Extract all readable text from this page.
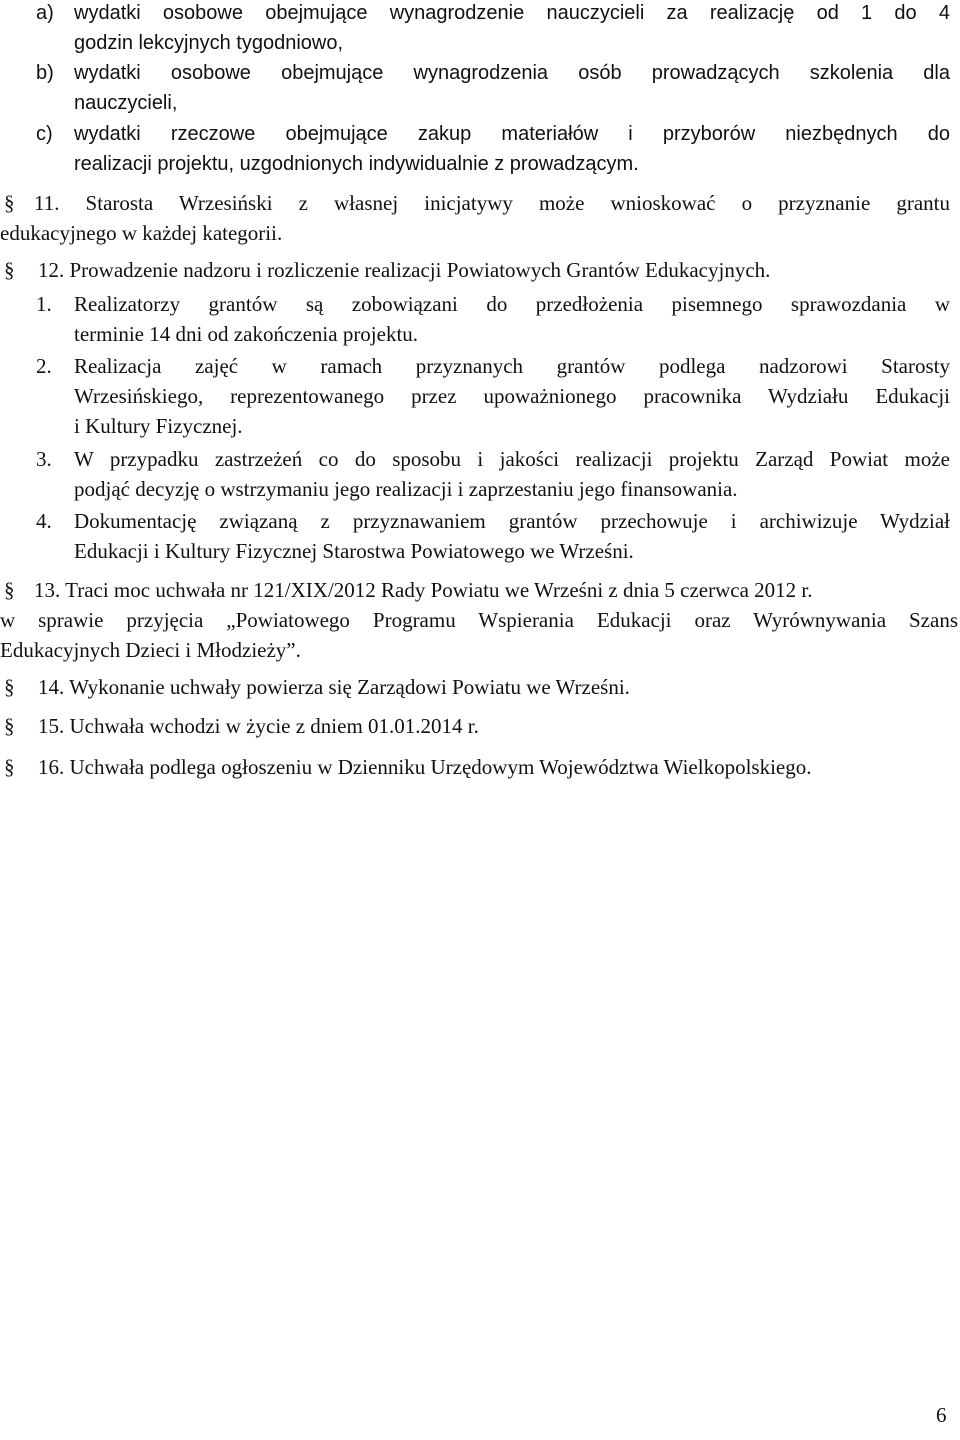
a) wydatki osobowe obejmujące wynagrodzenie nauczycieli za realizację od 1 do 4
godzin lekcyjnych tygodniowo,
b) wydatki osobowe obejmujące wynagrodzenia osób prowadzących szkolenia dla
nauczycieli,
c) wydatki rzeczowe obejmujące zakup materiałów i przyborów niezbędnych do
realizacji projektu, uzgodnionych indywidualnie z prowadzącym.
§ 11. Starosta Wrzesiński z własnej inicjatywy może wnioskować o przyznanie grantu
edukacyjnego w każdej kategorii.
§ 12. Prowadzenie nadzoru i rozliczenie realizacji Powiatowych Grantów Edukacyjnych.
1. Realizatorzy grantów są zobowiązani do przedłożenia pisemnego sprawozdania w
terminie 14 dni od zakończenia projektu.
2. Realizacja zajęć w ramach przyznanych grantów podlega nadzorowi Starosty
Wrzesińskiego, reprezentowanego przez upoważnionego pracownika Wydziału Edukacji
i Kultury Fizycznej.
3. W przypadku zastrzeżeń co do sposobu i jakości realizacji projektu Zarząd Powiat może
podjąć decyzję o wstrzymaniu jego realizacji i zaprzestaniu jego finansowania.
4. Dokumentację związaną z przyznawaniem grantów przechowuje i archiwizuje Wydział
Edukacji i Kultury Fizycznej Starostwa Powiatowego we Wrześni.
§ 13. Traci moc uchwała nr 121/XIX/2012 Rady Powiatu we Wrześni z dnia 5 czerwca 2012 r.
w sprawie przyjęcia „Powiatowego Programu Wspierania Edukacji oraz Wyrównywania Szans
Edukacyjnych Dzieci i Młodzieży”.
§ 14. Wykonanie uchwały powierza się Zarządowi Powiatu we Wrześni.
§ 15. Uchwała wchodzi w życie z dniem 01.01.2014 r.
§ 16. Uchwała podlega ogłoszeniu w Dzienniku Urzędowym Województwa Wielkopolskiego.
6
